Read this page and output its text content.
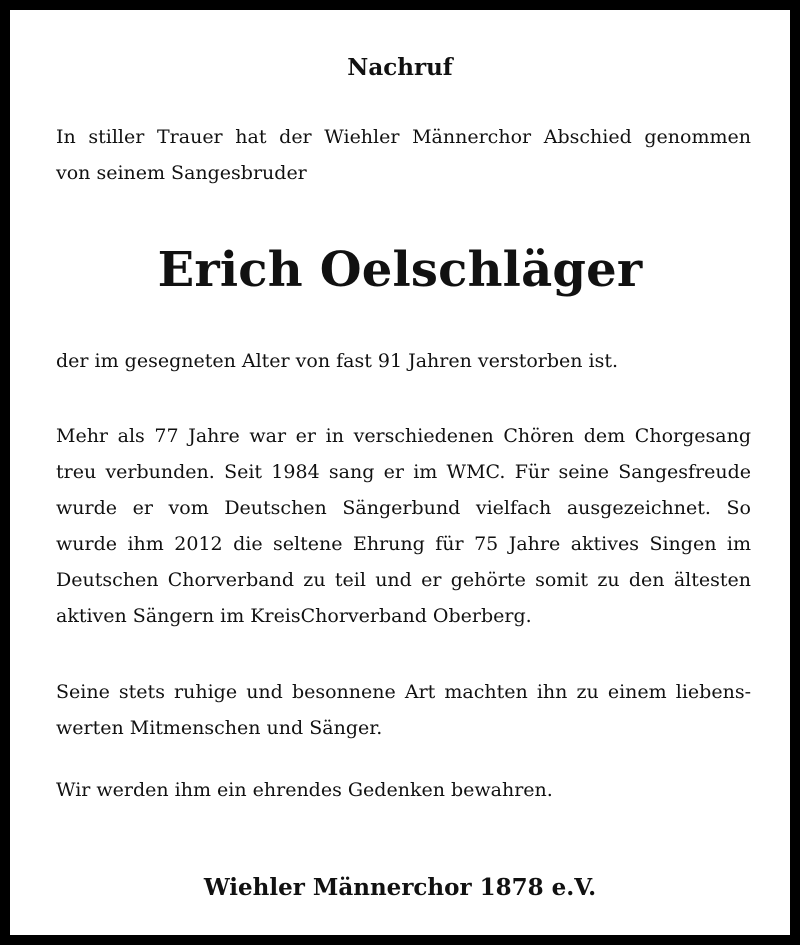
Nachruf

In stiller Trauer hat der Wiehler Männerchor Abschied genommen
von seinem Sangesbruder

Erich Oelschläger

der im gesegneten Alter von fast 91 Jahren verstorben ist.

Mehr als 77 Jahre war er in verschiedenen Chören dem Chorgesang
treu verbunden. Seit 1984 sang er im WMC. Für seine Sangesfreude
wurde er vom Deutschen Sängerbund vielfach ausgezeichnet. So
wurde ihm 2012 die seltene Ehrung für 75 Jahre aktives Singen im
Deutschen Chorverband zu teil und er gehörte somit zu den ältesten
aktiven Sängern im KreisChorverband Oberberg.

Seine stets ruhige und besonnene Art machten ihn zu einem liebens-
werten Mitmenschen und Sänger.

Wir werden ihm ein ehrendes Gedenken bewahren.

Wiehler Männerchor 1878 e.V.
